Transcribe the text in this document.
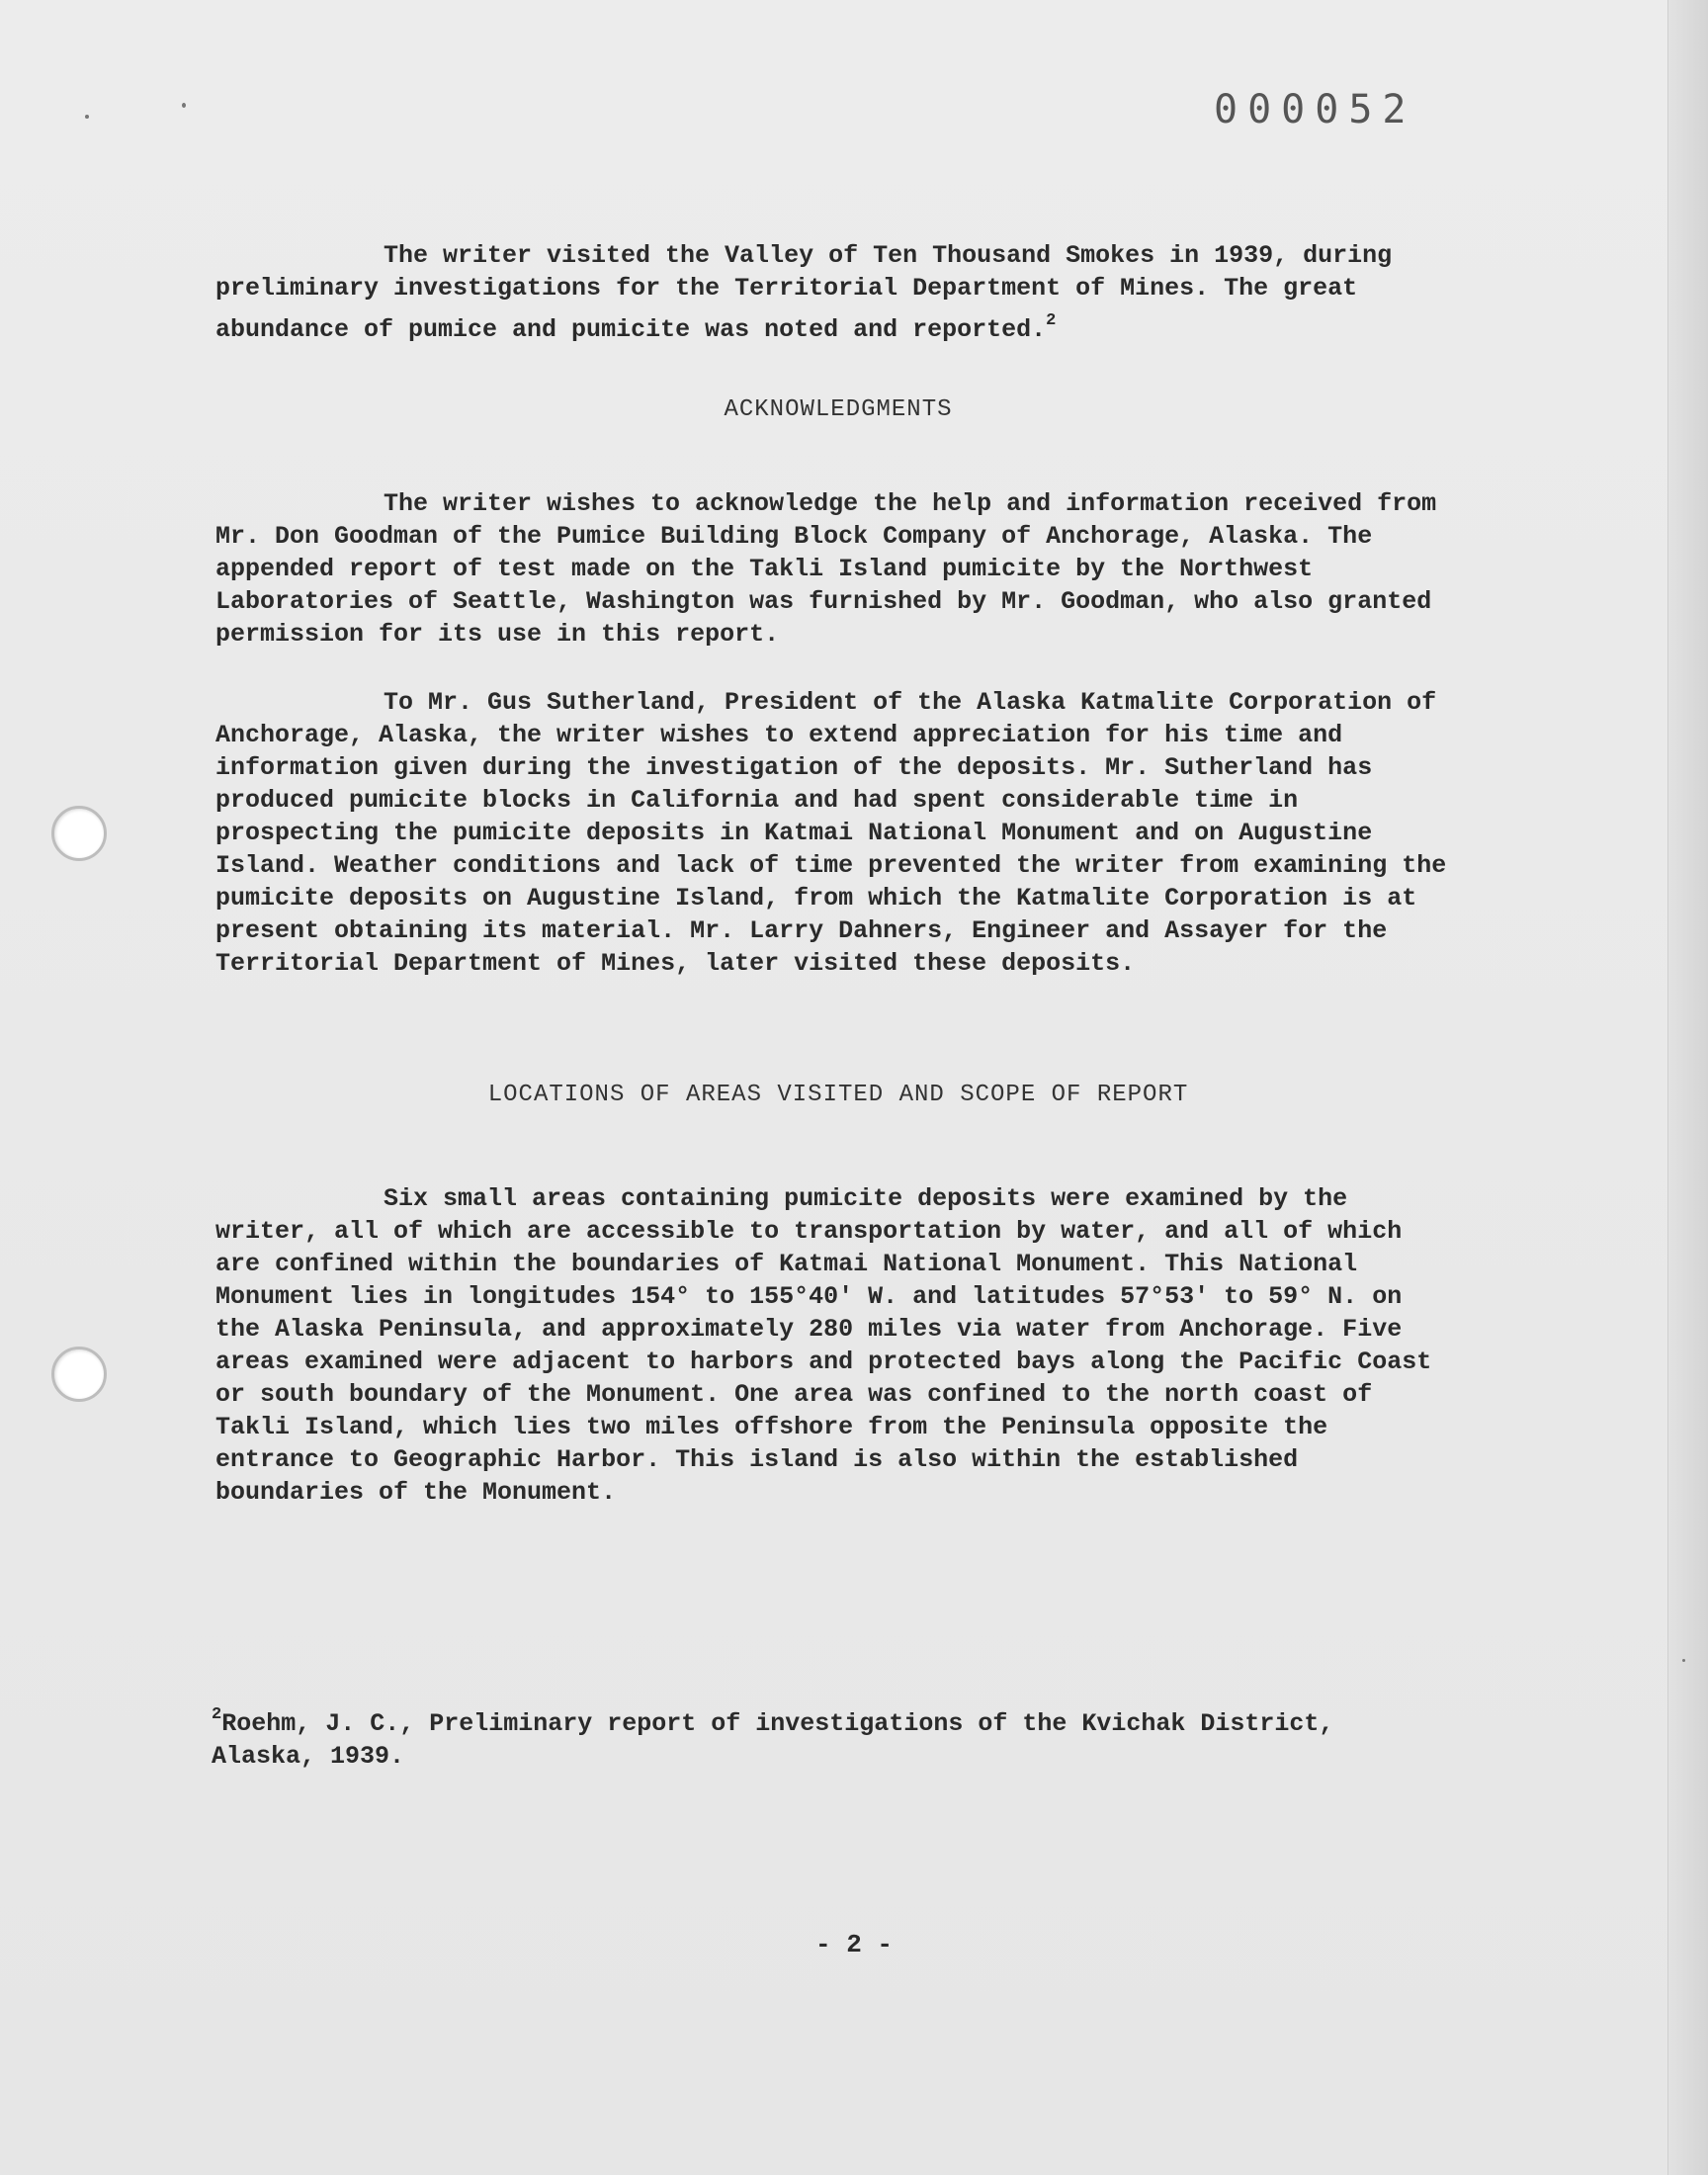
000052

The writer visited the Valley of Ten Thousand Smokes in 1939, during preliminary investigations for the Territorial Department of Mines. The great abundance of pumice and pumicite was noted and reported.$^2$

ACKNOWLEDGMENTS

The writer wishes to acknowledge the help and information received from Mr. Don Goodman of the Pumice Building Block Company of Anchorage, Alaska. The appended report of test made on the Takli Island pumicite by the Northwest Laboratories of Seattle, Washington was furnished by Mr. Goodman, who also granted permission for its use in this report.

To Mr. Gus Sutherland, President of the Alaska Katmalite Corporation of Anchorage, Alaska, the writer wishes to extend appreciation for his time and information given during the investigation of the deposits. Mr. Sutherland has produced pumicite blocks in California and had spent considerable time in prospecting the pumicite deposits in Katmai National Monument and on Augustine Island. Weather conditions and lack of time prevented the writer from examining the pumicite deposits on Augustine Island, from which the Katmalite Corporation is at present obtaining its material. Mr. Larry Dahners, Engineer and Assayer for the Territorial Department of Mines, later visited these deposits.

LOCATIONS OF AREAS VISITED AND SCOPE OF REPORT

Six small areas containing pumicite deposits were examined by the writer, all of which are accessible to transportation by water, and all of which are confined within the boundaries of Katmai National Monument. This National Monument lies in longitudes 154° to 155°40' W. and latitudes 57°53' to 59° N. on the Alaska Peninsula, and approximately 280 miles via water from Anchorage. Five areas examined were adjacent to harbors and protected bays along the Pacific Coast or south boundary of the Monument. One area was confined to the north coast of Takli Island, which lies two miles offshore from the Peninsula opposite the entrance to Geographic Harbor. This island is also within the established boundaries of the Monument.

$^2$Roehm, J. C., Preliminary report of investigations of the Kvichak District, Alaska, 1939.
- 2 -
